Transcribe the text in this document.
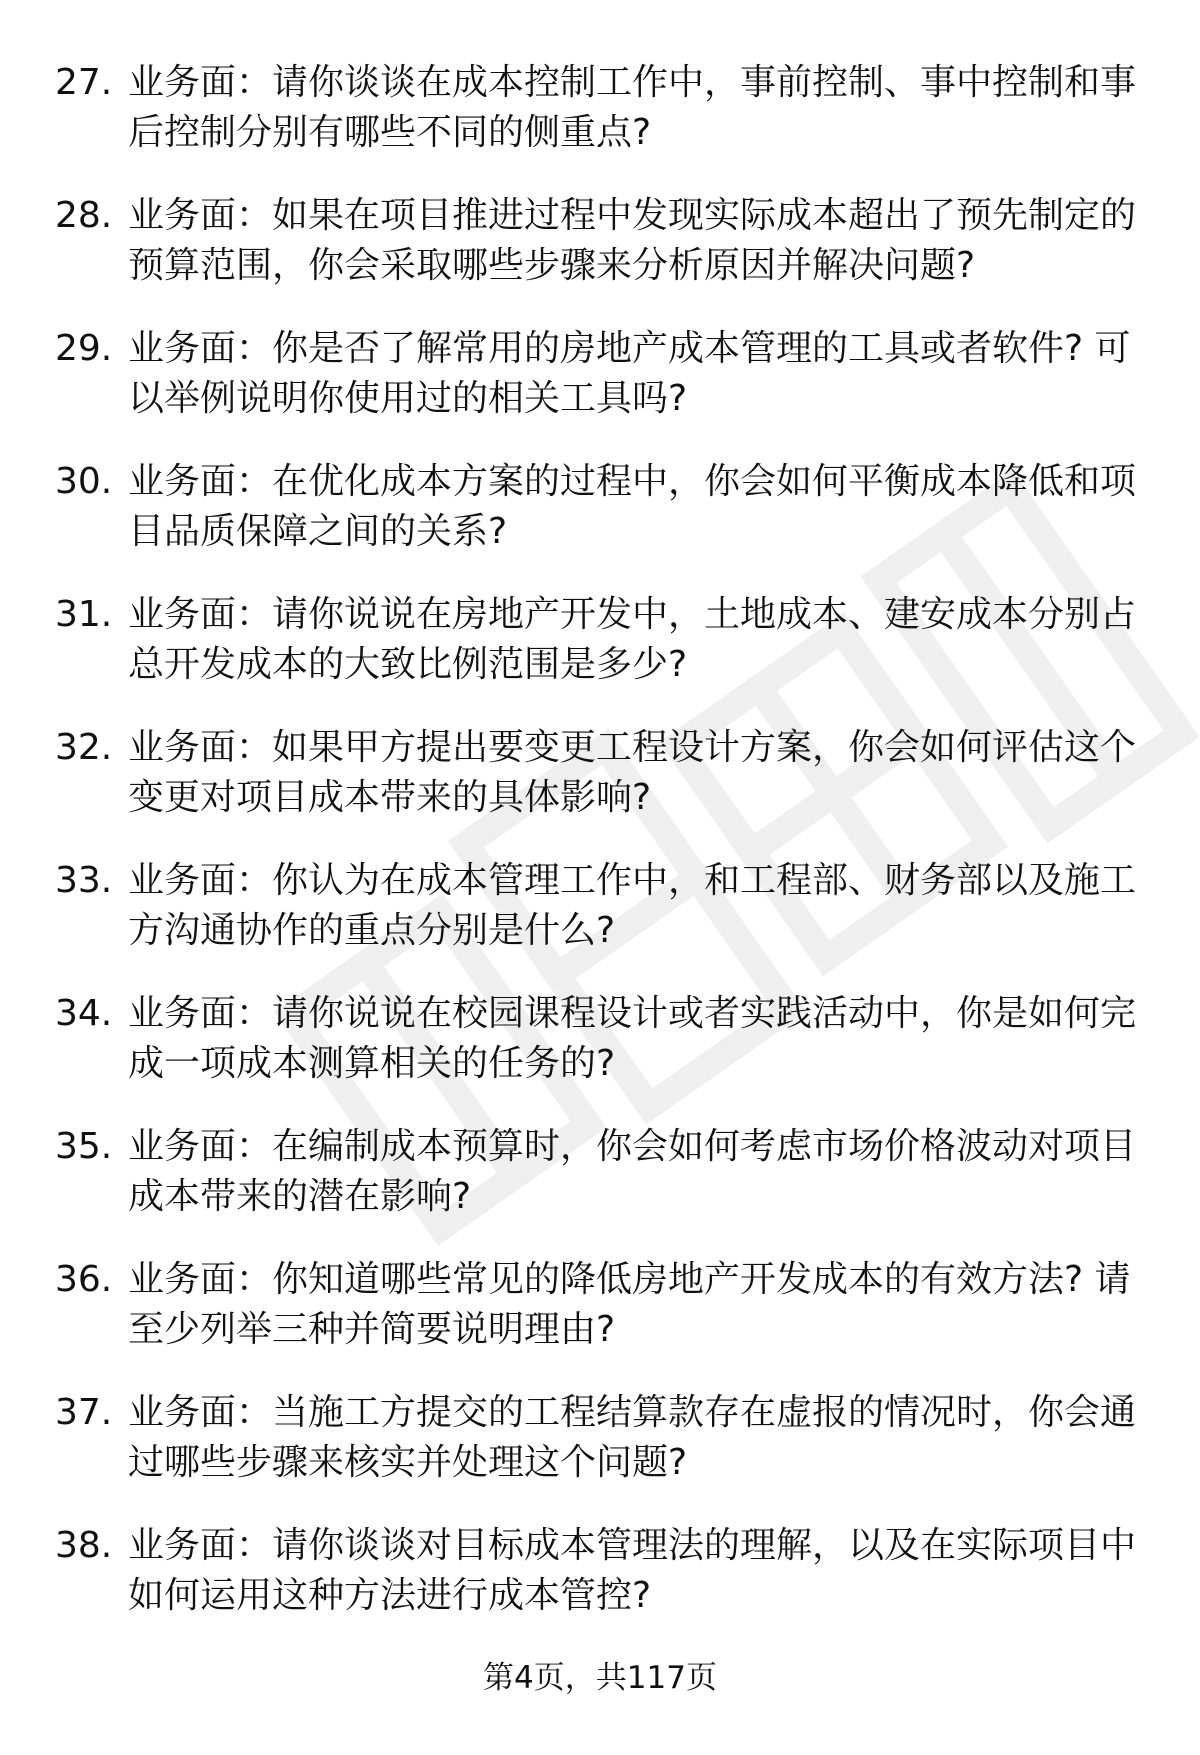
27. 业务面：请你谈谈在成本控制工作中，事前控制、事中控制和事
后控制分别有哪些不同的侧重点?
28. 业务面：如果在项目推进过程中发现实际成本超出了预先制定的
预算范围，你会采取哪些步骤来分析原因并解决问题?
29. 业务面：你是否了解常用的房地产成本管理的工具或者软件? 可
以举例说明你使用过的相关工具吗?
30. 业务面：在优化成本方案的过程中，你会如何平衡成本降低和项
目品质保障之间的关系?
31. 业务面：请你说说在房地产开发中，土地成本、建安成本分别占
总开发成本的大致比例范围是多少?
32. 业务面：如果甲方提出要变更工程设计方案，你会如何评估这个
变更对项目成本带来的具体影响?
33. 业务面：你认为在成本管理工作中，和工程部、财务部以及施工
方沟通协作的重点分别是什么?
34. 业务面：请你说说在校园课程设计或者实践活动中，你是如何完
成一项成本测算相关的任务的?
35. 业务面：在编制成本预算时，你会如何考虑市场价格波动对项目
成本带来的潜在影响?
36. 业务面：你知道哪些常见的降低房地产开发成本的有效方法? 请
至少列举三种并简要说明理由?
37. 业务面：当施工方提交的工程结算款存在虚报的情况时，你会通
过哪些步骤来核实并处理这个问题?
38. 业务面：请你谈谈对目标成本管理法的理解，以及在实际项目中
如何运用这种方法进行成本管控?
第4页，共117页
